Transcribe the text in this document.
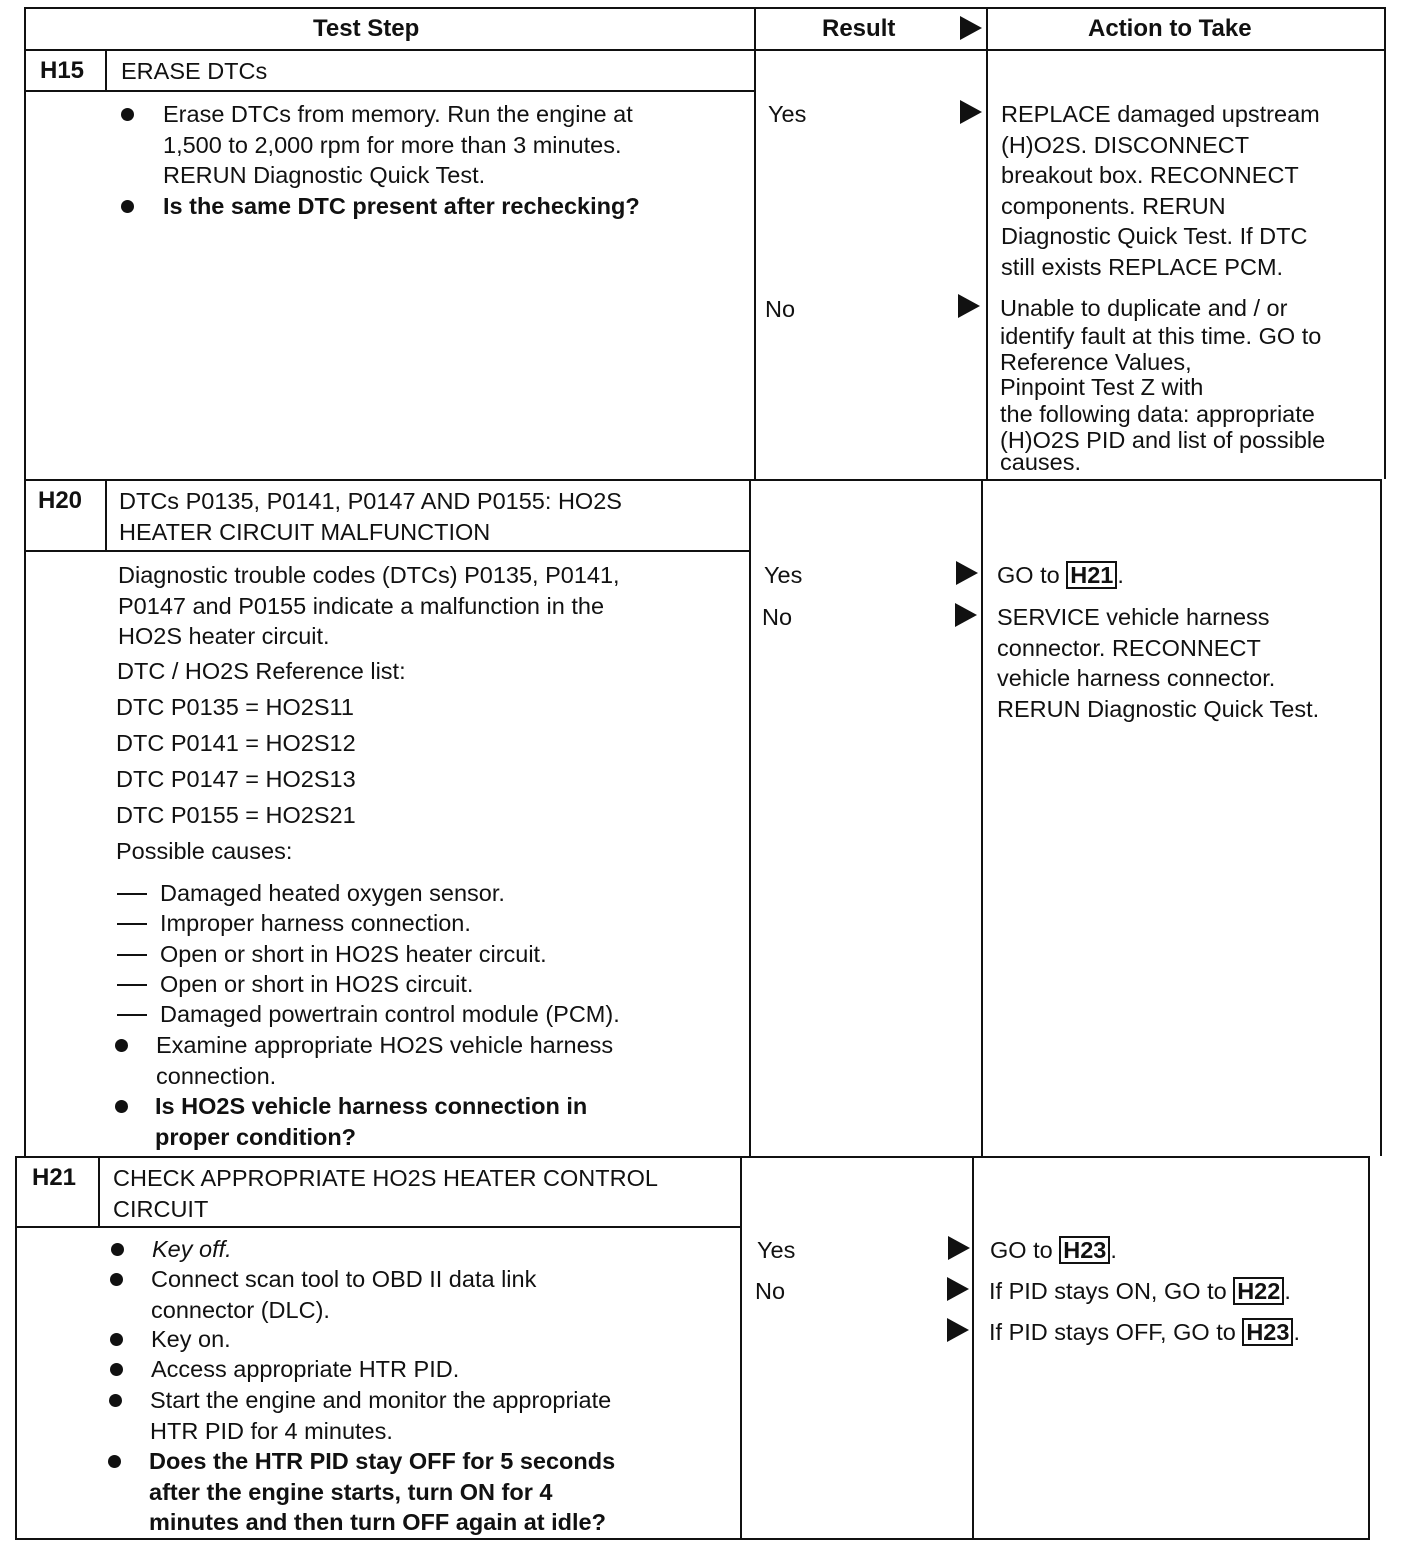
Test Step	Result	Action to Take
H15 ERASE DTCs
Erase DTCs from memory. Run the engine at
1,500 to 2,000 rpm for more than 3 minutes.
RERUN Diagnostic Quick Test.
Is the same DTC present after rechecking?
Yes	REPLACE damaged upstream
(H)O2S. DISCONNECT
breakout box. RECONNECT
components. RERUN
Diagnostic Quick Test. If DTC
still exists REPLACE PCM.
No	Unable to duplicate and / or
identify fault at this time. GO to
Reference Values,
Pinpoint Test Z with
the following data: appropriate
(H)O2S PID and list of possible
causes.
H20 DTCs P0135, P0141, P0147 AND P0155: HO2S
HEATER CIRCUIT MALFUNCTION
Diagnostic trouble codes (DTCs) P0135, P0141,
P0147 and P0155 indicate a malfunction in the
HO2S heater circuit.
DTC / HO2S Reference list:
DTC P0135 = HO2S11
DTC P0141 = HO2S12
DTC P0147 = HO2S13
DTC P0155 = HO2S21
Possible causes:
Damaged heated oxygen sensor.
Improper harness connection.
Open or short in HO2S heater circuit.
Open or short in HO2S circuit.
Damaged powertrain control module (PCM).
Examine appropriate HO2S vehicle harness
connection.
Is HO2S vehicle harness connection in
proper condition?
Yes	GO to H21 .
No	SERVICE vehicle harness
connector. RECONNECT
vehicle harness connector.
RERUN Diagnostic Quick Test.
H21 CHECK APPROPRIATE HO2S HEATER CONTROL
CIRCUIT
Key off.
Connect scan tool to OBD II data link
connector (DLC).
Key on.
Access appropriate HTR PID.
Start the engine and monitor the appropriate
HTR PID for 4 minutes.
Does the HTR PID stay OFF for 5 seconds
after the engine starts, turn ON for 4
minutes and then turn OFF again at idle?
Yes	GO to H23 .
No	If PID stays ON, GO to H22 .
If PID stays OFF, GO to H23 .
